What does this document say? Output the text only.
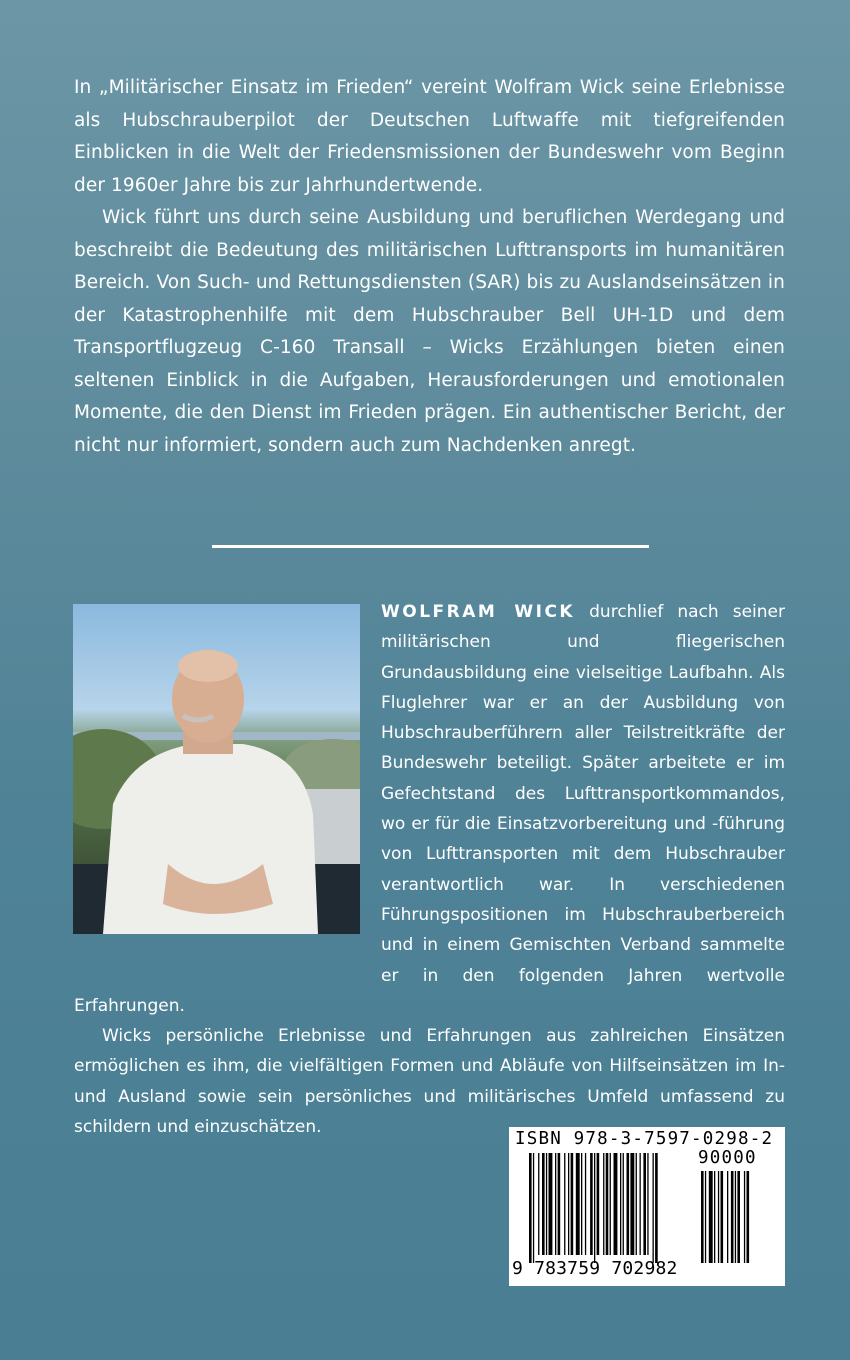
In „Militärischer Einsatz im Frieden“ vereint Wolfram Wick seine Erlebnisse als Hubschrauberpilot der Deutschen Luftwaffe mit tiefgreifenden Einblicken in die Welt der Friedensmissionen der Bundeswehr vom Beginn der 1960er Jahre bis zur Jahrhundertwende.

Wick führt uns durch seine Ausbildung und beruflichen Werdegang und beschreibt die Bedeutung des militärischen Lufttransports im humanitären Bereich. Von Such- und Rettungsdiensten (SAR) bis zu Auslandseinsätzen in der Katastrophenhilfe mit dem Hubschrauber Bell UH-1D und dem Transportflugzeug C-160 Transall – Wicks Erzählungen bieten einen seltenen Einblick in die Aufgaben, Herausforderungen und emotionalen Momente, die den Dienst im Frieden prägen. Ein authentischer Bericht, der nicht nur informiert, sondern auch zum Nachdenken anregt.

WOLFRAM WICK durchlief nach seiner militärischen und fliegerischen Grundausbildung eine vielseitige Laufbahn. Als Fluglehrer war er an der Ausbildung von Hubschrauberführern aller Teilstreitkräfte der Bundeswehr beteiligt. Später arbeitete er im Gefechtstand des Lufttransportkommandos, wo er für die Einsatzvorbereitung und -führung von Lufttransporten mit dem Hubschrauber verantwortlich war. In verschiedenen Führungspositionen im Hubschrauberbereich und in einem Gemischten Verband sammelte er in den folgenden Jahren wertvolle Erfahrungen.

Wicks persönliche Erlebnisse und Erfahrungen aus zahlreichen Einsätzen ermöglichen es ihm, die vielfältigen Formen und Abläufe von Hilfseinsätzen im In- und Ausland sowie sein persönliches und militärisches Umfeld umfassend zu schildern und einzuschätzen.

ISBN 978-3-7597-0298-2
90000
9 783759 702982
